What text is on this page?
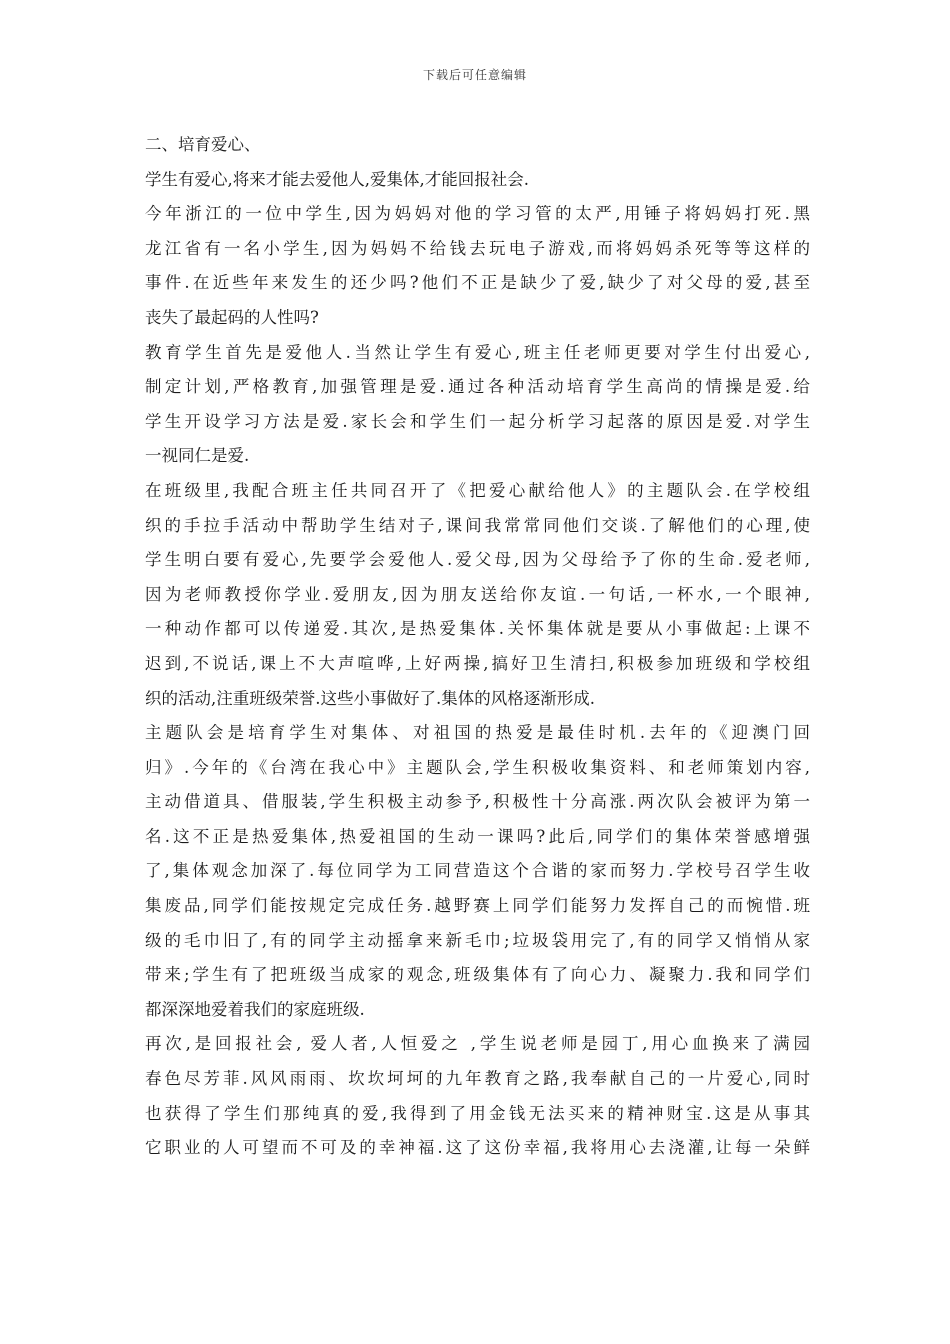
下载后可任意编辑
二、培育爱心、
学生有爱心,将来才能去爱他人,爱集体,才能回报社会.
今年浙江的一位中学生,因为妈妈对他的学习管的太严,用锤子将妈妈打死.黑
龙江省有一名小学生,因为妈妈不给钱去玩电子游戏,而将妈妈杀死等等这样的
事件.在近些年来发生的还少吗?他们不正是缺少了爱,缺少了对父母的爱,甚至
丧失了最起码的人性吗?
教育学生首先是爱他人.当然让学生有爱心,班主任老师更要对学生付出爱心,
制定计划,严格教育,加强管理是爱.通过各种活动培育学生高尚的情操是爱.给
学生开设学习方法是爱.家长会和学生们一起分析学习起落的原因是爱.对学生
一视同仁是爱.
在班级里,我配合班主任共同召开了《把爱心献给他人》的主题队会.在学校组
织的手拉手活动中帮助学生结对子,课间我常常同他们交谈.了解他们的心理,使
学生明白要有爱心,先要学会爱他人.爱父母,因为父母给予了你的生命.爱老师,
因为老师教授你学业.爱朋友,因为朋友送给你友谊.一句话,一杯水,一个眼神,
一种动作都可以传递爱.其次,是热爱集体.关怀集体就是要从小事做起:上课不
迟到,不说话,课上不大声喧哗,上好两操,搞好卫生清扫,积极参加班级和学校组
织的活动,注重班级荣誉.这些小事做好了.集体的风格逐渐形成.
主题队会是培育学生对集体、对祖国的热爱是最佳时机.去年的《迎澳门回
归》.今年的《台湾在我心中》主题队会,学生积极收集资料、和老师策划内容,
主动借道具、借服装,学生积极主动参予,积极性十分高涨.两次队会被评为第一
名.这不正是热爱集体,热爱祖国的生动一课吗?此后,同学们的集体荣誉感增强
了,集体观念加深了.每位同学为工同营造这个合谐的家而努力.学校号召学生收
集废品,同学们能按规定完成任务.越野赛上同学们能努力发挥自己的而惋惜.班
级的毛巾旧了,有的同学主动摇拿来新毛巾;垃圾袋用完了,有的同学又悄悄从家
带来;学生有了把班级当成家的观念,班级集体有了向心力、凝聚力.我和同学们
都深深地爱着我们的家庭班级.
再次,是回报社会, 爱人者,人恒爱之 ,学生说老师是园丁,用心血换来了满园
春色尽芳菲.风风雨雨、坎坎坷坷的九年教育之路,我奉献自己的一片爱心,同时
也获得了学生们那纯真的爱,我得到了用金钱无法买来的精神财宝.这是从事其
它职业的人可望而不可及的幸神福.这了这份幸福,我将用心去浇灌,让每一朵鲜
